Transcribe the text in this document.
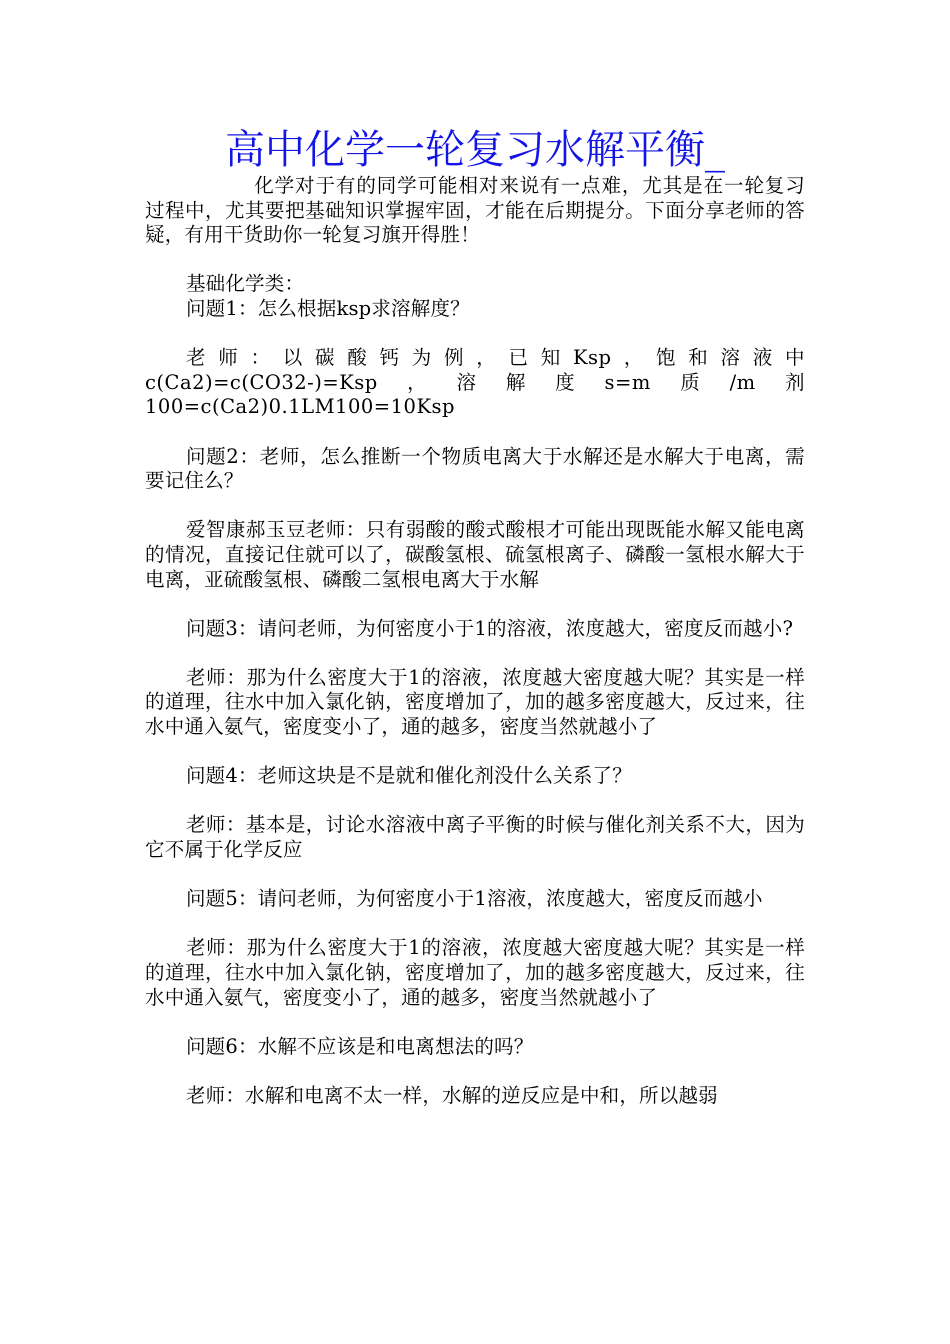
高中化学一轮复习水解平衡_

化学对于有的同学可能相对来说有一点难，尤其是在一轮复习过程中，尤其要把基础知识掌握牢固，才能在后期提分。下面分享老师的答疑，有用干货助你一轮复习旗开得胜！

基础化学类：

问题1：怎么根据ksp求溶解度？

老师：以碳酸钙为例，已知Ksp，饱和溶液中c(Ca2)=c(CO32-)=Ksp，溶解度s=m质/m剂100=c(Ca2)0.1LM100=10Ksp

问题2：老师，怎么推断一个物质电离大于水解还是水解大于电离，需要记住么？

爱智康郝玉豆老师：只有弱酸的酸式酸根才可能出现既能水解又能电离的情况，直接记住就可以了，碳酸氢根、硫氢根离子、磷酸一氢根水解大于电离，亚硫酸氢根、磷酸二氢根电离大于水解

问题3：请问老师，为何密度小于1的溶液，浓度越大，密度反而越小?

老师：那为什么密度大于1的溶液，浓度越大密度越大呢？其实是一样的道理，往水中加入氯化钠，密度增加了，加的越多密度越大，反过来，往水中通入氨气，密度变小了，通的越多，密度当然就越小了

问题4：老师这块是不是就和催化剂没什么关系了？

老师：基本是，讨论水溶液中离子平衡的时候与催化剂关系不大，因为它不属于化学反应

问题5：请问老师，为何密度小于1溶液，浓度越大，密度反而越小

老师：那为什么密度大于1的溶液，浓度越大密度越大呢？其实是一样的道理，往水中加入氯化钠，密度增加了，加的越多密度越大，反过来，往水中通入氨气，密度变小了，通的越多，密度当然就越小了

问题6：水解不应该是和电离想法的吗？

老师：水解和电离不太一样，水解的逆反应是中和，所以越弱
